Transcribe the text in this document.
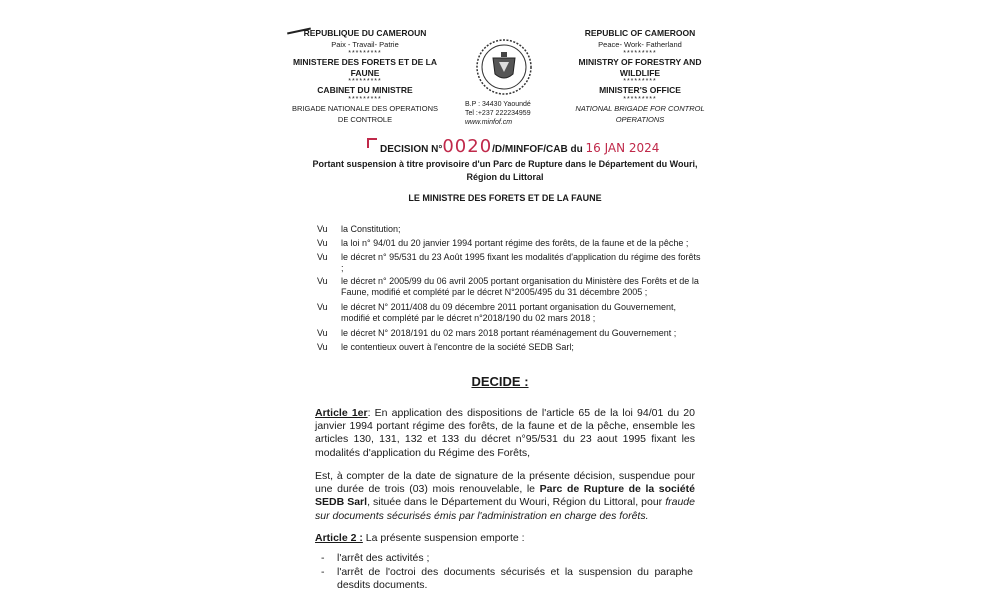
REPUBLIQUE DU CAMEROUN
Paix - Travail- Patrie
*********
MINISTERE DES FORETS ET DE LA FAUNE
*********
CABINET DU MINISTRE
*********
BRIGADE NATIONALE DES OPERATIONS DE CONTROLE
B.P : 34430 Yaoundé
Tel :+237 222234959
www.minfof.cm
REPUBLIC OF CAMEROON
Peace- Work- Fatherland
*********
MINISTRY OF FORESTRY AND WILDLIFE
*********
MINISTER'S OFFICE
*********
NATIONAL BRIGADE FOR CONTROL OPERATIONS
DECISION N°0020/D/MINFOF/CAB du 16 JAN 2024
Portant suspension à titre provisoire d'un Parc de Rupture dans le Département du Wouri, Région du Littoral
LE MINISTRE DES FORETS ET DE LA FAUNE
Vu	la Constitution;
Vu	la loi n° 94/01 du 20 janvier 1994 portant régime des forêts, de la faune et de la pêche ;
Vu	le décret n° 95/531 du 23 Août 1995 fixant les modalités d'application du régime des forêts ;
Vu	le décret n° 2005/99 du 06 avril 2005 portant organisation du Ministère des Forêts et de la Faune, modifié et complété par le décret N°2005/495 du 31 décembre 2005 ;
Vu	le décret N° 2011/408 du 09 décembre 2011 portant organisation du Gouvernement, modifié et complété par le décret n°2018/190 du 02 mars 2018 ;
Vu	le décret N° 2018/191 du 02 mars 2018 portant réaménagement du Gouvernement ;
Vu	le contentieux ouvert à l'encontre de la société SEDB Sarl;
DECIDE :
Article 1er: En application des dispositions de l'article 65 de la loi 94/01 du 20 janvier 1994 portant régime des forêts, de la faune et de la pêche, ensemble les articles 130, 131, 132 et 133 du décret n°95/531 du 23 aout 1995 fixant les modalités d'application du Régime des Forêts,
Est, à compter de la date de signature de la présente décision, suspendue pour une durée de trois (03) mois renouvelable, le Parc de Rupture de la société SEDB Sarl, située dans le Département du Wouri, Région du Littoral, pour fraude sur documents sécurisés émis par l'administration en charge des forêts.
Article 2 : La présente suspension emporte :
- l'arrêt des activités ;
- l'arrêt de l'octroi des documents sécurisés et la suspension du paraphe desdits documents.
